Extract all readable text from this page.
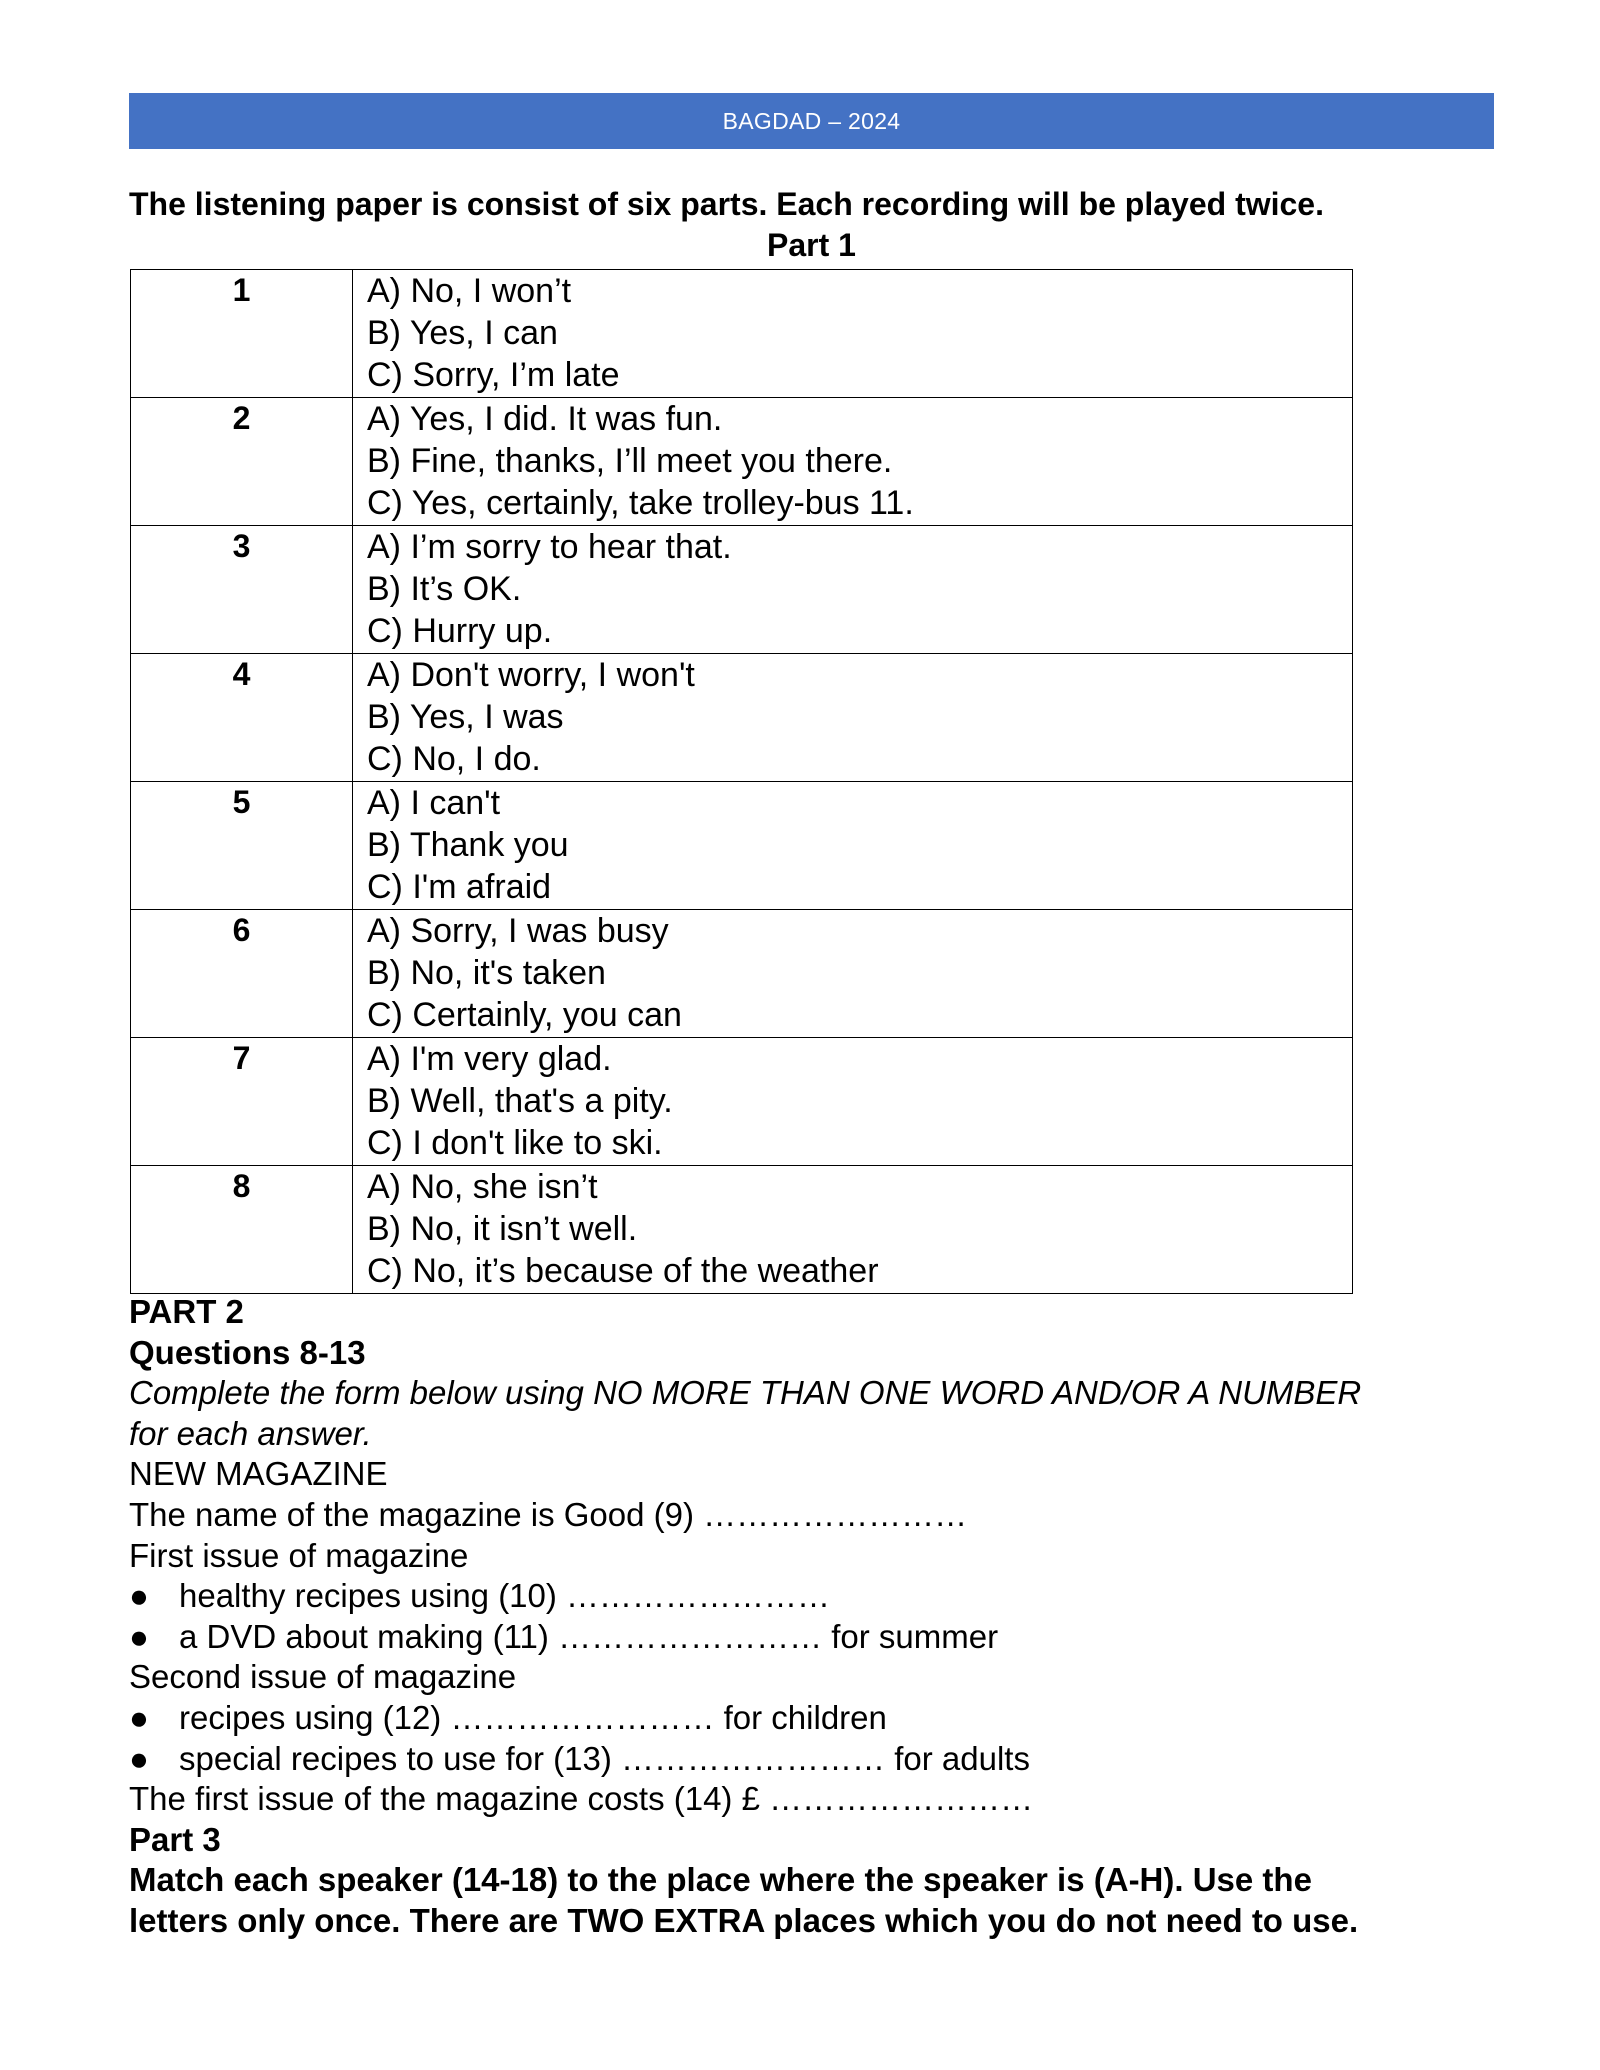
BAGDAD – 2024
The listening paper is consist of six parts. Each recording will be played twice.
Part 1
1	A) No, I won’t
B) Yes, I can
C) Sorry, I’m late

2	A) Yes, I did. It was fun.
B) Fine, thanks, I’ll meet you there.
C) Yes, certainly, take trolley-bus 11.

3	A) I’m sorry to hear that.
B) It’s OK.
C) Hurry up.

4	A) Don't worry, I won't
B) Yes, I was
C) No, I do.

5	A) I can't
B) Thank you
C) I'm afraid

6	A) Sorry, I was busy
B) No, it's taken
C) Certainly, you can

7	A) I'm very glad.
B) Well, that's a pity.
C) I don't like to ski.

8	A) No, she isn’t
B) No, it isn’t well.
C) No, it’s because of the weather
PART 2
Questions 8-13
Complete the form below using NO MORE THAN ONE WORD AND/OR A NUMBER
for each answer.
NEW MAGAZINE
The name of the magazine is Good (9) ……………………
First issue of magazine
● healthy recipes using (10) ……………………
● a DVD about making (11) …………………… for summer
Second issue of magazine
● recipes using (12) …………………… for children
● special recipes to use for (13) …………………… for adults
The first issue of the magazine costs (14) £ ……………………
Part 3
Match each speaker (14-18) to the place where the speaker is (A-H). Use the
letters only once. There are TWO EXTRA places which you do not need to use.
